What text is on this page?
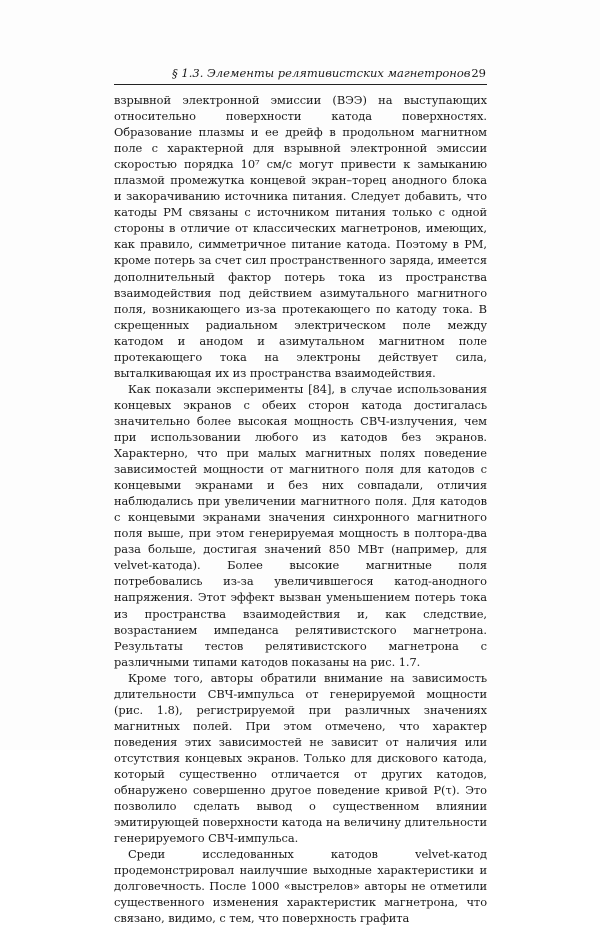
§ 1.3. Элементы релятивистских магнетронов 29

взрывной электронной эмиссии (ВЭЭ) на выступающих относительно поверхности катода поверхностях. Образование плазмы и ее дрейф в продольном магнитном поле с характерной для взрывной электронной эмиссии скоростью порядка 10⁷ см/с могут привести к замыканию плазмой промежутка концевой экран–торец анодного блока и закорачиванию источника питания. Следует добавить, что катоды РМ связаны с источником питания только с одной стороны в отличие от классических магнетронов, имеющих, как правило, симметричное питание катода. Поэтому в РМ, кроме потерь за счет сил пространственного заряда, имеется дополнительный фактор потерь тока из пространства взаимодействия под действием азимутального магнитного поля, возникающего из-за протекающего по катоду тока. В скрещенных радиальном электрическом поле между катодом и анодом и азимутальном магнитном поле протекающего тока на электроны действует сила, выталкивающая их из пространства взаимодействия.

Как показали эксперименты [84], в случае использования концевых экранов с обеих сторон катода достигалась значительно более высокая мощность СВЧ-излучения, чем при использовании любого из катодов без экранов. Характерно, что при малых магнитных полях поведение зависимостей мощности от магнитного поля для катодов с концевыми экранами и без них совпадали, отличия наблюдались при увеличении магнитного поля. Для катодов с концевыми экранами значения синхронного магнитного поля выше, при этом генерируемая мощность в полтора-два раза больше, достигая значений 850 МВт (например, для velvet-катода). Более высокие магнитные поля потребовались из-за увеличившегося катод-анодного напряжения. Этот эффект вызван уменьшением потерь тока из пространства взаимодействия и, как следствие, возрастанием импеданса релятивистского магнетрона. Результаты тестов релятивистского магнетрона с различными типами катодов показаны на рис. 1.7.

Кроме того, авторы обратили внимание на зависимость длительности СВЧ-импульса от генерируемой мощности (рис. 1.8), регистрируемой при различных значениях магнитных полей. При этом отмечено, что характер поведения этих зависимостей не зависит от наличия или отсутствия концевых экранов. Только для дискового катода, который существенно отличается от других катодов, обнаружено совершенно другое поведение кривой P(τ). Это позволило сделать вывод о существенном влиянии эмитирующей поверхности катода на величину длительности генерируемого СВЧ-импульса.

Среди исследованных катодов velvet-катод продемонстрировал наилучшие выходные характеристики и долговечность. После 1000 «выстрелов» авторы не отметили существенного изменения характеристик магнетрона, что связано, видимо, с тем, что поверхность графита
